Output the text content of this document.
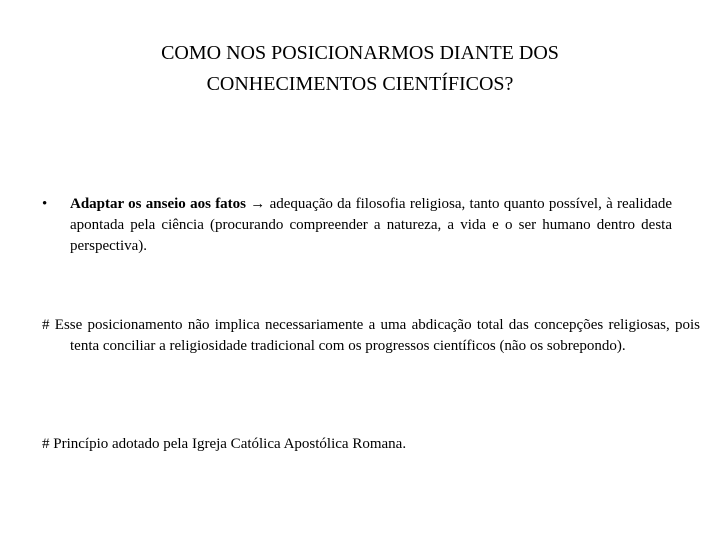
COMO NOS POSICIONARMOS DIANTE DOS
CONHECIMENTOS CIENTÍFICOS?
•	Adaptar os anseio aos fatos → adequação da filosofia religiosa, tanto quanto possível, à realidade apontada pela ciência (procurando compreender a natureza, a vida e o ser humano dentro desta perspectiva).
# Esse posicionamento não implica necessariamente a uma abdicação total das concepções religiosas, pois tenta conciliar a religiosidade tradicional com os progressos científicos (não os sobrepondo).
# Princípio adotado pela Igreja Católica Apostólica Romana.
